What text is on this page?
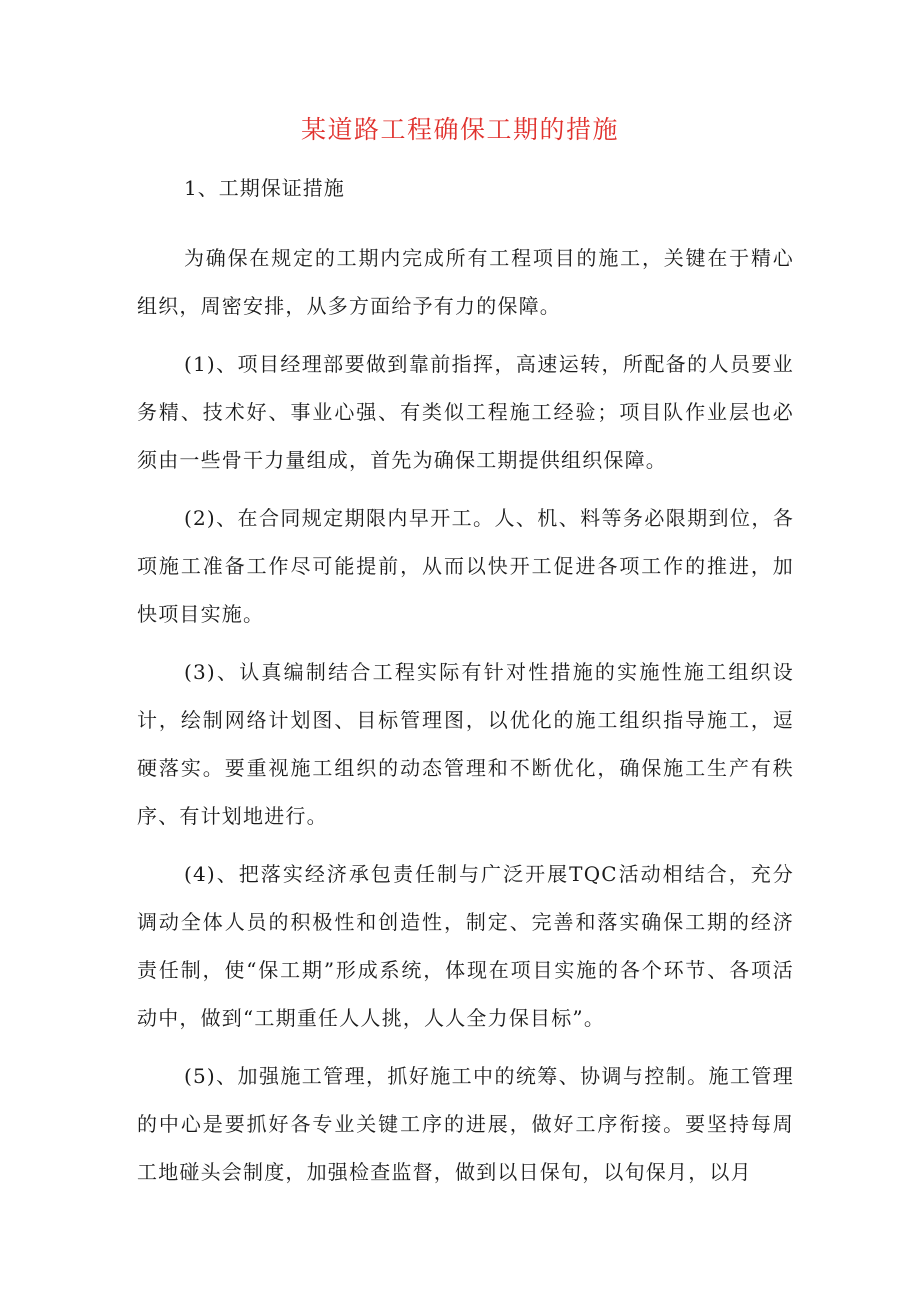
某道路工程确保工期的措施
1、工期保证措施

为确保在规定的工期内完成所有工程项目的施工，关键在于精心组织，周密安排，从多方面给予有力的保障。

(1)、项目经理部要做到靠前指挥，高速运转，所配备的人员要业务精、技术好、事业心强、有类似工程施工经验；项目队作业层也必须由一些骨干力量组成，首先为确保工期提供组织保障。

(2)、在合同规定期限内早开工。人、机、料等务必限期到位，各项施工准备工作尽可能提前，从而以快开工促进各项工作的推进，加快项目实施。

(3)、认真编制结合工程实际有针对性措施的实施性施工组织设计，绘制网络计划图、目标管理图，以优化的施工组织指导施工，逗硬落实。要重视施工组织的动态管理和不断优化，确保施工生产有秩序、有计划地进行。

(4)、把落实经济承包责任制与广泛开展TQC活动相结合，充分调动全体人员的积极性和创造性，制定、完善和落实确保工期的经济责任制，使“保工期”形成系统，体现在项目实施的各个环节、各项活动中，做到“工期重任人人挑，人人全力保目标”。

(5)、加强施工管理，抓好施工中的统筹、协调与控制。施工管理的中心是要抓好各专业关键工序的进展，做好工序衔接。要坚持每周工地碰头会制度，加强检查监督，做到以日保旬，以旬保月，以月
